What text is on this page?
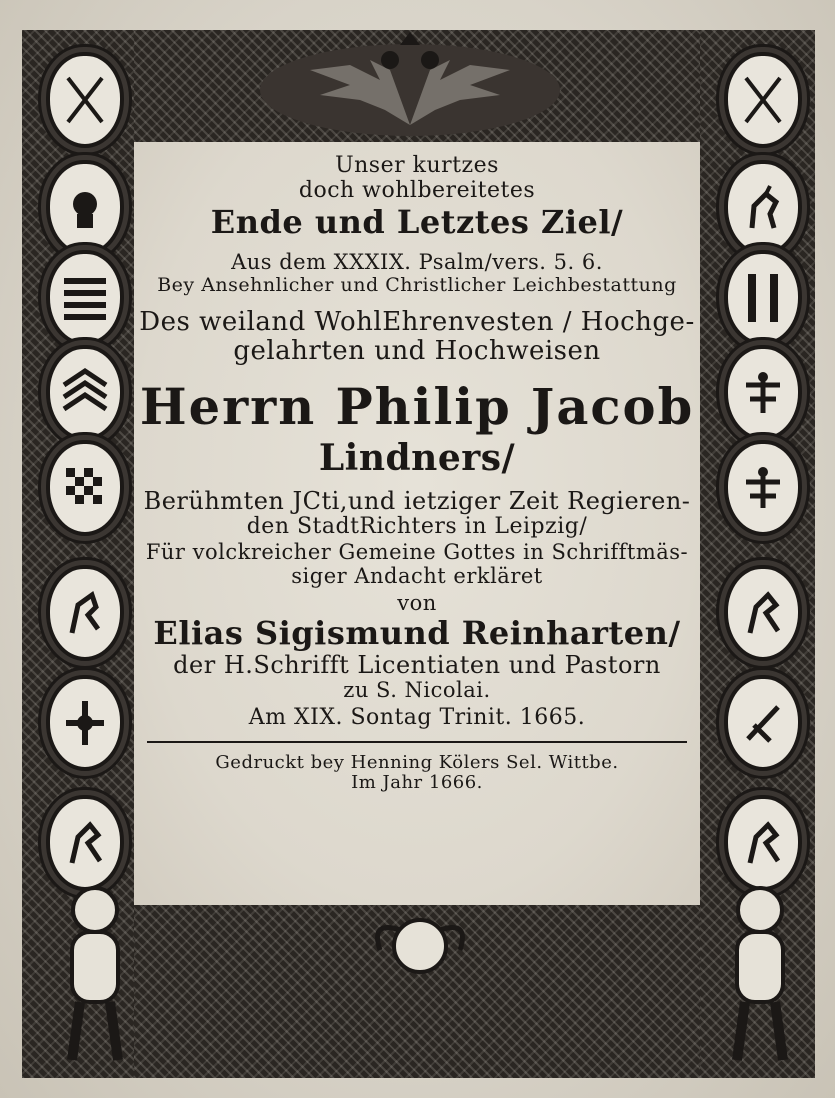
Unser kurtzes
doch wohlbereitetes
Ende und Letztes Ziel/
Aus dem XXXIX. Psalm/vers. 5. 6.
Bey Ansehnlicher und Christlicher Leichbestattung
Des weiland WohlEhrenvesten / Hochge-
gelahrten und Hochweisen
Herrn Philip Jacob
Lindners/
Berühmten JCti,und ietziger Zeit Regieren-
den StadtRichters in Leipzig/
Für volckreicher Gemeine Gottes in Schrifftmäs-
siger Andacht erkläret
von
Elias Sigismund Reinharten/
der H.Schrifft Licentiaten und Pastorn
zu S. Nicolai.
Am XIX. Sontag Trinit. 1665.
Gedruckt bey Henning Kölers Sel. Wittbe.
Im Jahr 1666.
